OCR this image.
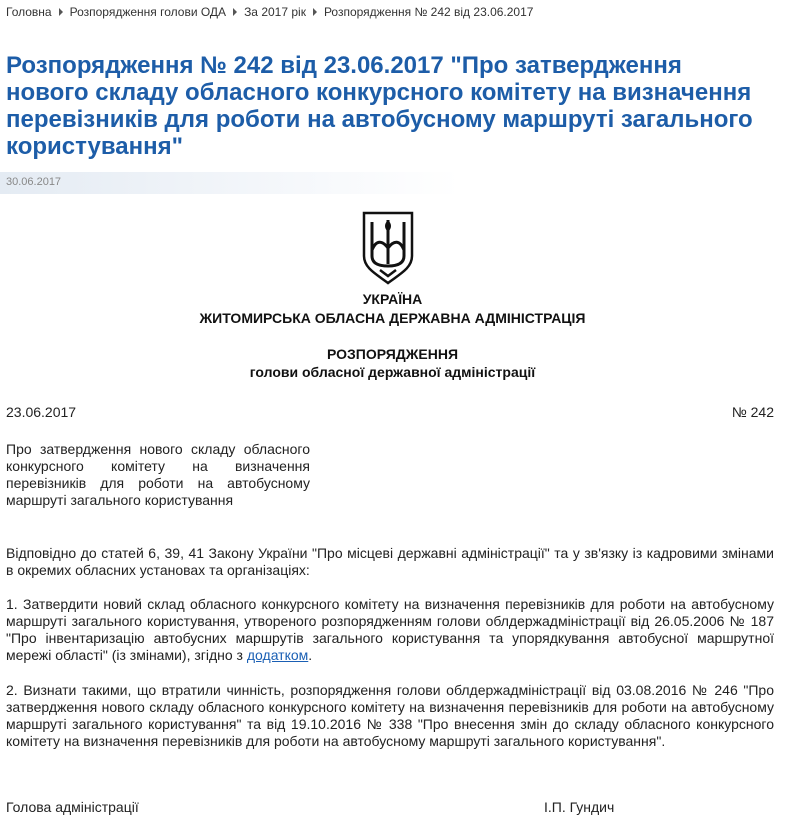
Головна Розпорядження голови ОДА За 2017 рік Розпорядження № 242 від 23.06.2017
Розпорядження № 242 від 23.06.2017 "Про затвердження нового складу обласного конкурсного комітету на визначення перевізників для роботи на автобусному маршруті загального користування"
30.06.2017
УКРАЇНА
ЖИТОМИРСЬКА ОБЛАСНА ДЕРЖАВНА АДМІНІСТРАЦІЯ
РОЗПОРЯДЖЕННЯ
голови обласної державної адміністрації
23.06.2017	№ 242
Про затвердження нового складу обласного конкурсного комітету на визначення перевізників для роботи на автобусному маршруті загального користування
Відповідно до статей 6, 39, 41 Закону України "Про місцеві державні адміністрації" та у зв'язку із кадровими змінами в окремих обласних установах та організаціях:

1. Затвердити новий склад обласного конкурсного комітету на визначення перевізників для роботи на автобусному маршруті загального користування, утвореного розпорядженням голови облдержадміністрації від 26.05.2006 № 187 "Про інвентаризацію автобусних маршрутів загального користування та упорядкування автобусної маршрутної мережі області" (із змінами), згідно з додатком.

2. Визнати такими, що втратили чинність, розпорядження голови облдержадміністрації від 03.08.2016 № 246 "Про затвердження нового складу обласного конкурсного комітету на визначення перевізників для роботи на автобусному маршруті загального користування" та від 19.10.2016 № 338 "Про внесення змін до складу обласного конкурсного комітету на визначення перевізників для роботи на автобусному маршруті загального користування".
Голова адміністрації	І.П. Гундич
